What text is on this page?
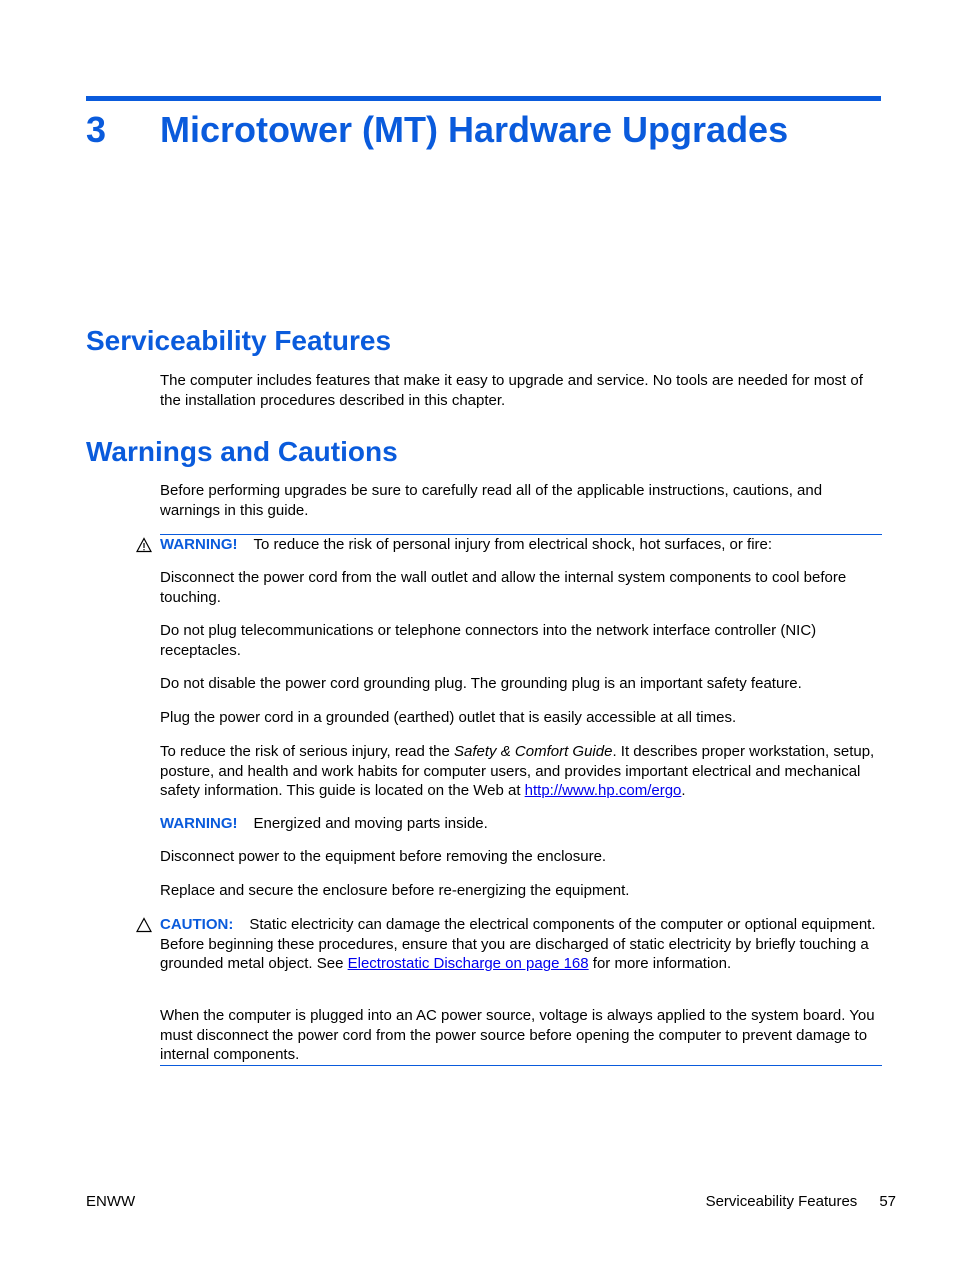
3 Microtower (MT) Hardware Upgrades
Serviceability Features

The computer includes features that make it easy to upgrade and service. No tools are needed for most of the installation procedures described in this chapter.

Warnings and Cautions

Before performing upgrades be sure to carefully read all of the applicable instructions, cautions, and warnings in this guide.

WARNING! To reduce the risk of personal injury from electrical shock, hot surfaces, or fire:

Disconnect the power cord from the wall outlet and allow the internal system components to cool before touching.

Do not plug telecommunications or telephone connectors into the network interface controller (NIC) receptacles.

Do not disable the power cord grounding plug. The grounding plug is an important safety feature.

Plug the power cord in a grounded (earthed) outlet that is easily accessible at all times.

To reduce the risk of serious injury, read the Safety & Comfort Guide. It describes proper workstation, setup, posture, and health and work habits for computer users, and provides important electrical and mechanical safety information. This guide is located on the Web at http://www.hp.com/ergo.

WARNING! Energized and moving parts inside.

Disconnect power to the equipment before removing the enclosure.

Replace and secure the enclosure before re-energizing the equipment.

CAUTION: Static electricity can damage the electrical components of the computer or optional equipment. Before beginning these procedures, ensure that you are discharged of static electricity by briefly touching a grounded metal object. See Electrostatic Discharge on page 168 for more information.

When the computer is plugged into an AC power source, voltage is always applied to the system board. You must disconnect the power cord from the power source before opening the computer to prevent damage to internal components.

ENWW	Serviceability Features 57
